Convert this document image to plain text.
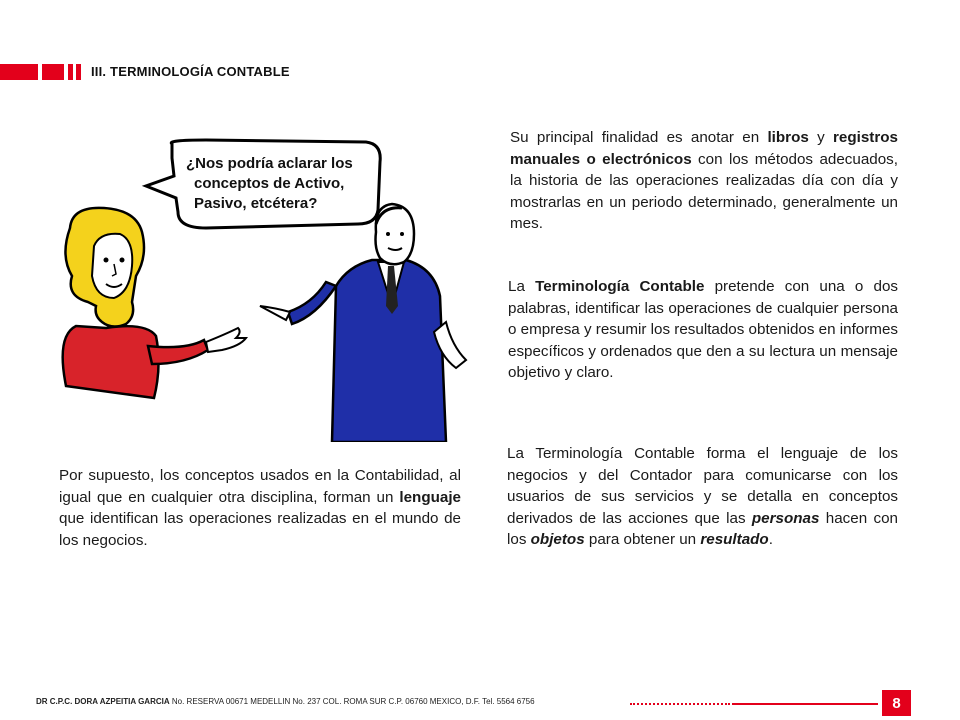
III. TERMINOLOGÍA CONTABLE
¿Nos podría aclarar los
conceptos de Activo,
Pasivo, etcétera?
Su principal finalidad es anotar en libros y registros manuales o electrónicos con los métodos adecuados, la historia de las operaciones realizadas día con día y mostrarlas en un periodo determinado, generalmente un mes.
La Terminología Contable pretende con una o dos palabras, identificar las operaciones de cualquier persona o empresa y resumir los resultados obtenidos en informes específicos y ordenados que den a su lectura un mensaje objetivo y claro.
La Terminología Contable forma el lenguaje de los negocios y del Contador para comunicarse con los usuarios de sus servicios y se detalla en conceptos derivados de las acciones que las personas hacen con los objetos para obtener un resultado.
Por supuesto, los conceptos usados en la Contabilidad, al igual que en cualquier otra disciplina, forman un lenguaje que identifican las operaciones realizadas en el mundo de los negocios.
DR C.P.C. DORA AZPEITIA GARCIA No. RESERVA 00671 MEDELLIN No. 237 COL. ROMA SUR C.P. 06760 MEXICO, D.F. Tel. 5564 6756	8
